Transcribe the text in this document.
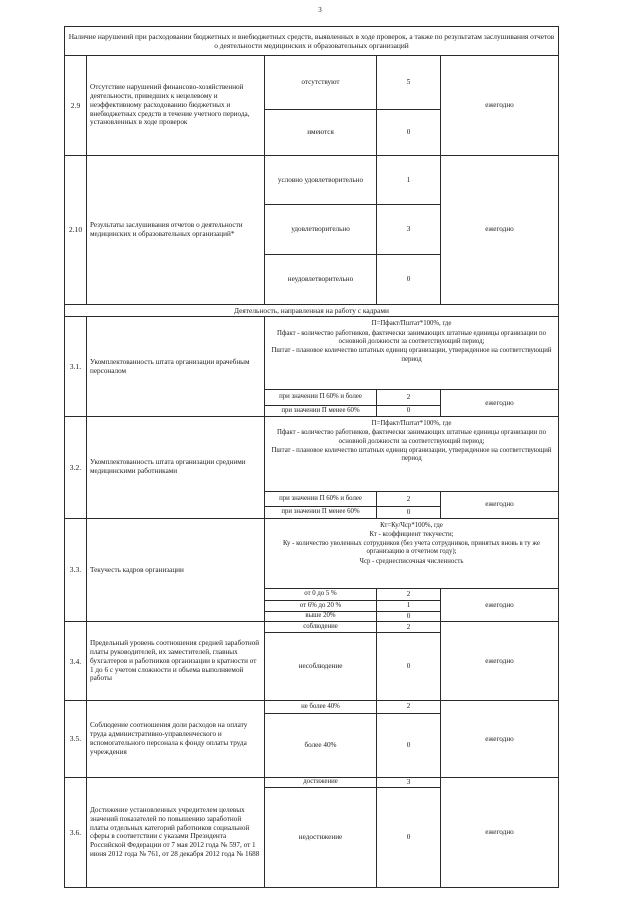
3
Наличие нарушений при расходовании бюджетных и внебюджетных средств, выявленных в ходе проверок, а также по результатам заслушивания отчетов о деятельности медицинских и образовательных организаций				
2.9	Отсутствие нарушений финансово-хозяйственной деятельности, приведших к нецелевому и неэффективному расходованию бюджетных и внебюджетных средств в течение учетного периода, установленных в ходе проверок	отсутствуют	5	ежегодно
		имеются	0	
2.10	Результаты заслушивания отчетов о деятельности медицинских и образовательных организаций*	условно удовлетворительно	1	ежегодно
		удовлетворительно	3	
		неудовлетворительно	0	
Деятельность, направленная на работу с кадрами				
3.1.	Укомплектованность штата организации врачебным персоналом	П=Пфакт/Пштат*100%, где
Пфакт - количество работников, фактически занимающих штатные единицы организации по основной должности за соответствующий период;
Пштат - плановое количество штатных единиц организации, утвержденное на соответствующий период		

		при значении П 60% и более	2	ежегодно
		при значении П менее 60%	0	
3.2.	Укомплектованность штата организации средними медицинскими работниками	П=Пфакт/Пштат*100%, где
Пфакт - количество работников, фактически занимающих штатные единицы организации по основной должности за соответствующий период;
Пштат - плановое количество штатных единиц организации, утвержденное на соответствующий период		

		при значении П 60% и более	2	ежегодно
		при значении П менее 60%	0	
3.3.	Текучесть кадров организации	Кт=Ку/Чср*100%, где
Кт - коэффициент текучести;
Ку - количество уволенных сотрудников (без учета сотрудников, принятых вновь в ту же организацию в отчетном году);
Чср - среднесписочная численность		

		от 0 до 5 %	2	ежегодно
		от 6% до 20 %	1	
		выше 20%	0	
3.4.	Предельный уровень соотношения средней заработной платы руководителей, их заместителей, главных бухгалтеров и работников организации в кратности от 1 до 6 с учетом сложности и объема выполняемой работы	соблюдение	2	ежегодно
		несоблюдение	0	
3.5.	Соблюдение соотношения доли расходов на оплату труда административно-управленческого и вспомогательного персонала к фонду оплаты труда учреждения	не более 40%	2	ежегодно
		более 40%	0	
3.6.	Достижение установленных учредителем целевых значений показателей по повышению заработной платы отдельных категорий работников социальной сферы в соответствии с указами Президента Российской Федерации от 7 мая 2012 года № 597, от 1 июня 2012 года № 761, от 28 декабря 2012 года № 1688	достижение	3	ежегодно
		недостижение	0	
